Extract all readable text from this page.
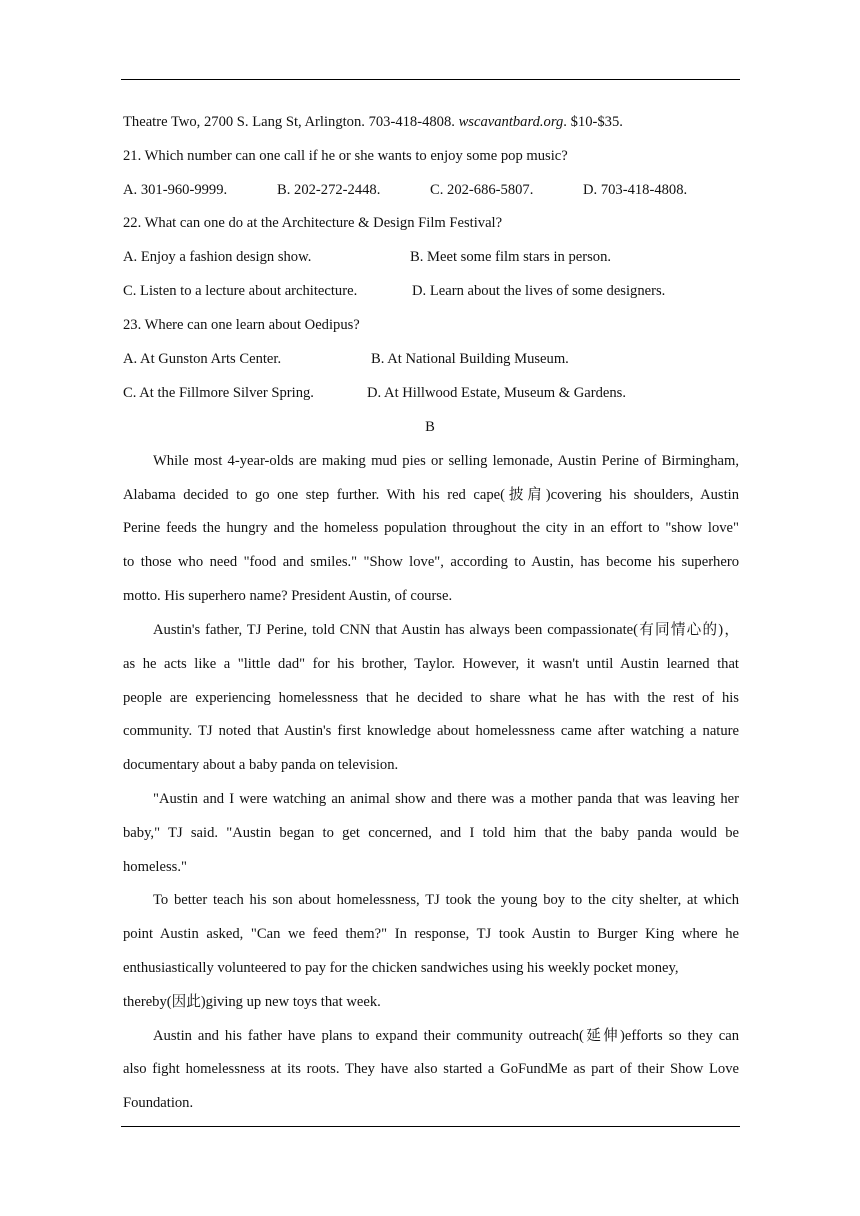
Theatre Two, 2700 S. Lang St, Arlington. 703-418-4808. wscavantbard.org. $10-$35.
21. Which number can one call if he or she wants to enjoy some pop music?
A. 301-960-9999.	B. 202-272-2448.	C. 202-686-5807.	D. 703-418-4808.
22. What can one do at the Architecture & Design Film Festival?
A. Enjoy a fashion design show.	B. Meet some film stars in person.
C. Listen to a lecture about architecture.	D. Learn about the lives of some designers.
23. Where can one learn about Oedipus?
A. At Gunston Arts Center.	B. At National Building Museum.
C. At the Fillmore Silver Spring.	D. At Hillwood Estate, Museum & Gardens.
B
While most 4-year-olds are making mud pies or selling lemonade, Austin Perine of Birmingham,
Alabama decided to go one step further. With his red cape(披肩)covering his shoulders, Austin
Perine feeds the hungry and the homeless population throughout the city in an effort to "show love"
to those who need "food and smiles." "Show love", according to Austin, has become his superhero
motto. His superhero name? President Austin, of course.
Austin's father, TJ Perine, told CNN that Austin has always been compassionate(有同情心的)，
as he acts like a "little dad" for his brother, Taylor. However, it wasn't until Austin learned that
people are experiencing homelessness that he decided to share what he has with the rest of his
community. TJ noted that Austin's first knowledge about homelessness came after watching a nature
documentary about a baby panda on television.
"Austin and I were watching an animal show and there was a mother panda that was leaving her
baby," TJ said. "Austin began to get concerned, and I told him that the baby panda would be
homeless."
To better teach his son about homelessness, TJ took the young boy to the city shelter, at which
point Austin asked, "Can we feed them?" In response, TJ took Austin to Burger King where he
enthusiastically volunteered to pay for the chicken sandwiches using his weekly pocket money,
thereby(因此)giving up new toys that week.
Austin and his father have plans to expand their community outreach(延伸)efforts so they can
also fight homelessness at its roots. They have also started a GoFundMe as part of their Show Love
Foundation.
